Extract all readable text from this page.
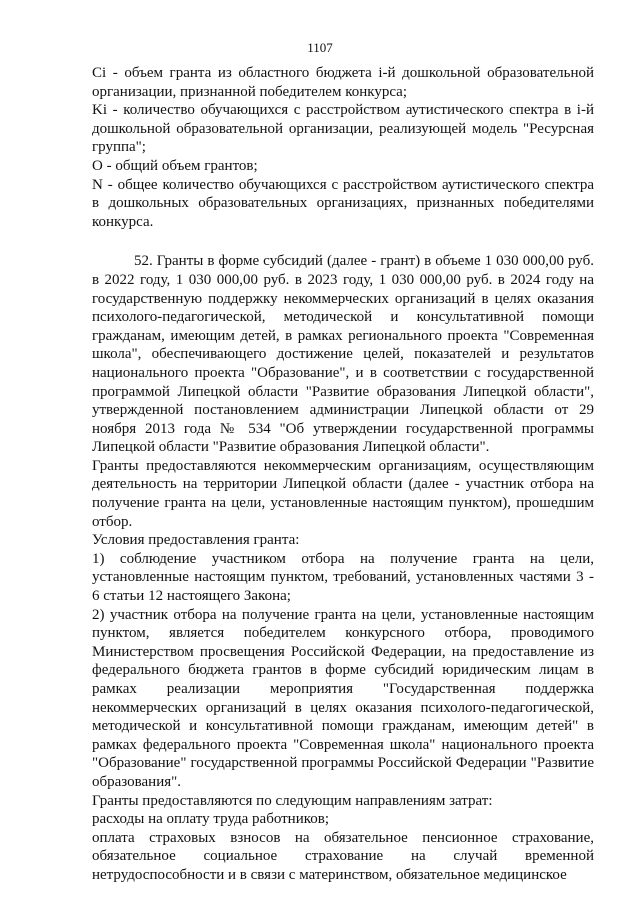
1107

Ci - объем гранта из областного бюджета i-й дошкольной образовательной организации, признанной победителем конкурса;

Ki - количество обучающихся с расстройством аутистического спектра в i-й дошкольной образовательной организации, реализующей модель "Ресурсная группа";

O - общий объем грантов;

N - общее количество обучающихся с расстройством аутистического спектра в дошкольных образовательных организациях, признанных победителями конкурса.

52. Гранты в форме субсидий (далее - грант) в объеме 1 030 000,00 руб. в 2022 году, 1 030 000,00 руб. в 2023 году, 1 030 000,00 руб. в 2024 году на государственную поддержку некоммерческих организаций в целях оказания психолого-педагогической, методической и консультативной помощи гражданам, имеющим детей, в рамках регионального проекта "Современная школа", обеспечивающего достижение целей, показателей и результатов национального проекта "Образование", и в соответствии с государственной программой Липецкой области "Развитие образования Липецкой области", утвержденной постановлением администрации Липецкой области от 29 ноября 2013 года № 534 "Об утверждении государственной программы Липецкой области "Развитие образования Липецкой области".

Гранты предоставляются некоммерческим организациям, осуществляющим деятельность на территории Липецкой области (далее - участник отбора на получение гранта на цели, установленные настоящим пунктом), прошедшим отбор.

Условия предоставления гранта:

1) соблюдение участником отбора на получение гранта на цели, установленные настоящим пунктом, требований, установленных частями 3 - 6 статьи 12 настоящего Закона;

2) участник отбора на получение гранта на цели, установленные настоящим пунктом, является победителем конкурсного отбора, проводимого Министерством просвещения Российской Федерации, на предоставление из федерального бюджета грантов в форме субсидий юридическим лицам в рамках реализации мероприятия "Государственная поддержка некоммерческих организаций в целях оказания психолого-педагогической, методической и консультативной помощи гражданам, имеющим детей" в рамках федерального проекта "Современная школа" национального проекта "Образование" государственной программы Российской Федерации "Развитие образования".

Гранты предоставляются по следующим направлениям затрат:

расходы на оплату труда работников;

оплата страховых взносов на обязательное пенсионное страхование, обязательное социальное страхование на случай временной нетрудоспособности и в связи с материнством, обязательное медицинское
